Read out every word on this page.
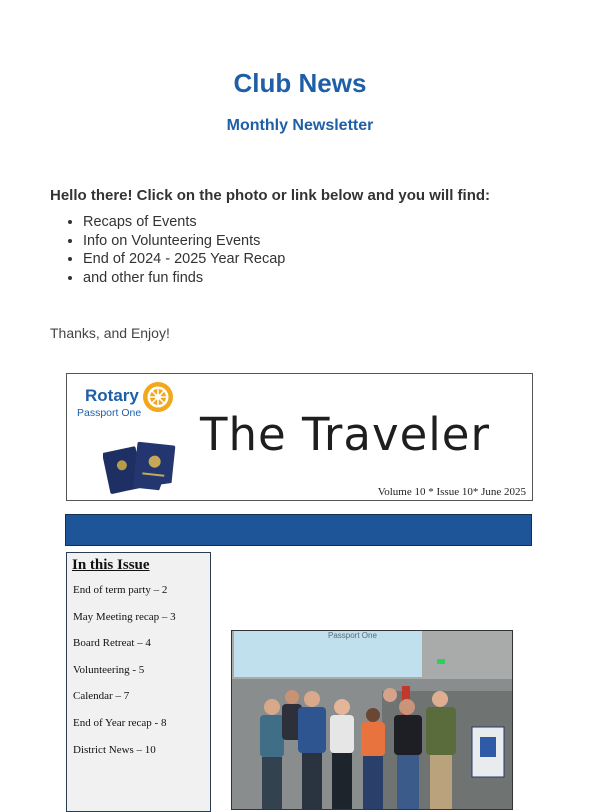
Club News
Monthly Newsletter
Hello there! Click on the photo or link below and you will find:
• Recaps of Events
• Info on Volunteering Events
• End of 2024 - 2025 Year Recap
• and other fun finds
Thanks, and Enjoy!
Rotary
Passport One The Traveler
Volume 10 * Issue 10* June 2025
In this Issue
End of term party – 2
May Meeting recap – 3
Board Retreat – 4
Volunteering - 5
Calendar – 7
End of Year recap - 8
District News – 10
Passport One
